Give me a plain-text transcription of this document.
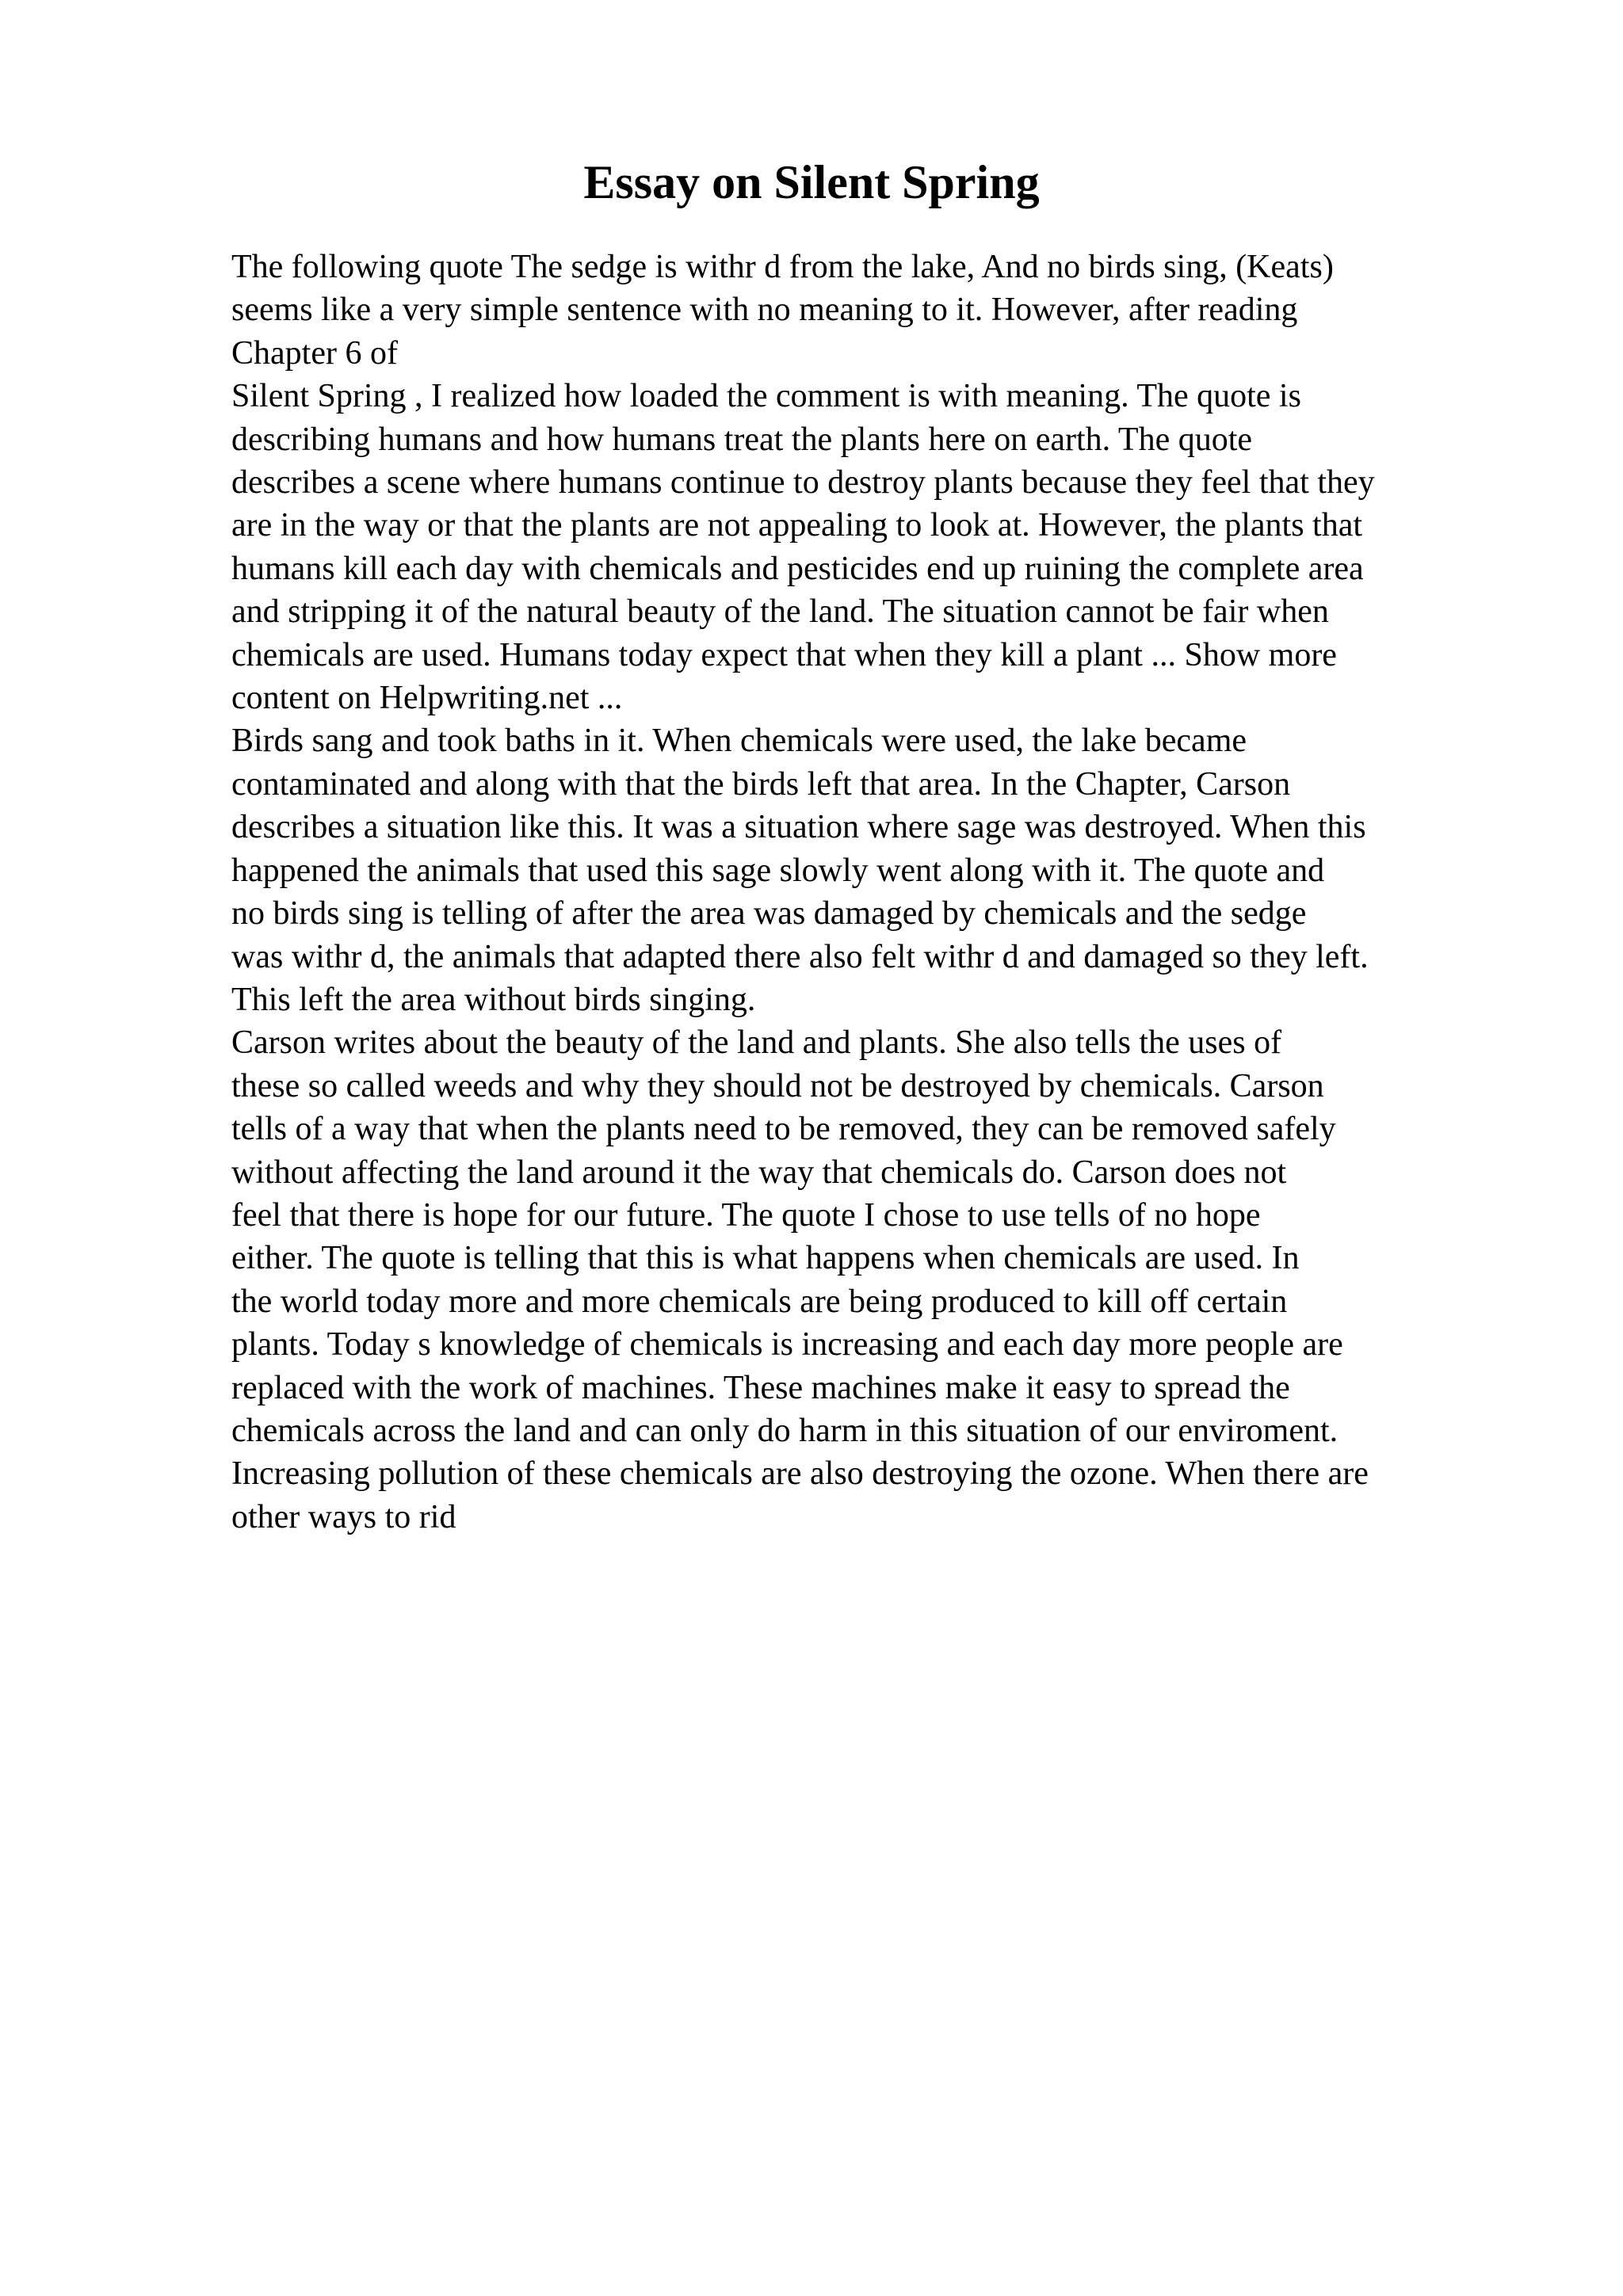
Essay on Silent Spring
The following quote The sedge is withr d from the lake, And no birds sing, (Keats)
seems like a very simple sentence with no meaning to it. However, after reading
Chapter 6 of
Silent Spring , I realized how loaded the comment is with meaning. The quote is
describing humans and how humans treat the plants here on earth. The quote
describes a scene where humans continue to destroy plants because they feel that they
are in the way or that the plants are not appealing to look at. However, the plants that
humans kill each day with chemicals and pesticides end up ruining the complete area
and stripping it of the natural beauty of the land. The situation cannot be fair when
chemicals are used. Humans today expect that when they kill a plant ... Show more
content on Helpwriting.net ...
Birds sang and took baths in it. When chemicals were used, the lake became
contaminated and along with that the birds left that area. In the Chapter, Carson
describes a situation like this. It was a situation where sage was destroyed. When this
happened the animals that used this sage slowly went along with it. The quote and
no birds sing is telling of after the area was damaged by chemicals and the sedge
was withr d, the animals that adapted there also felt withr d and damaged so they left.
This left the area without birds singing.
Carson writes about the beauty of the land and plants. She also tells the uses of
these so called weeds and why they should not be destroyed by chemicals. Carson
tells of a way that when the plants need to be removed, they can be removed safely
without affecting the land around it the way that chemicals do. Carson does not
feel that there is hope for our future. The quote I chose to use tells of no hope
either. The quote is telling that this is what happens when chemicals are used. In
the world today more and more chemicals are being produced to kill off certain
plants. Today s knowledge of chemicals is increasing and each day more people are
replaced with the work of machines. These machines make it easy to spread the
chemicals across the land and can only do harm in this situation of our enviroment.
Increasing pollution of these chemicals are also destroying the ozone. When there are
other ways to rid
